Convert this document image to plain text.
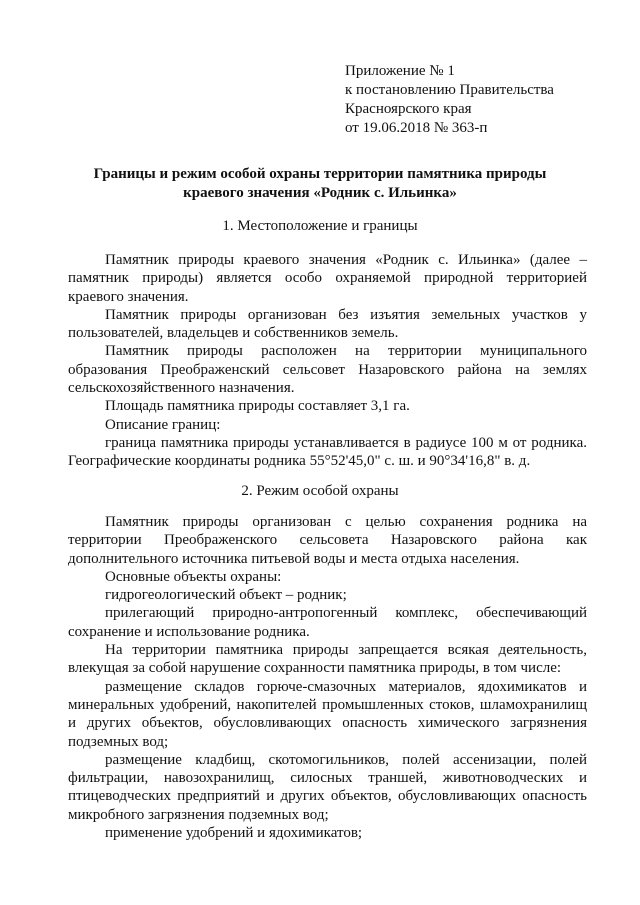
Приложение № 1
к постановлению Правительства
Красноярского края
от 19.06.2018 № 363-п
Границы и режим особой охраны территории памятника природы
краевого значения «Родник с. Ильинка»
1. Местоположение и границы

Памятник природы краевого значения «Родник с. Ильинка» (далее – памятник природы) является особо охраняемой природной территорией краевого значения.

Памятник природы организован без изъятия земельных участков у пользователей, владельцев и собственников земель.

Памятник природы расположен на территории муниципального образования Преображенский сельсовет Назаровского района на землях сельскохозяйственного назначения.

Площадь памятника природы составляет 3,1 га.

Описание границ:

граница памятника природы устанавливается в радиусе 100 м от родника. Географические координаты родника 55°52'45,0" с. ш. и 90°34'16,8" в. д.

2. Режим особой охраны

Памятник природы организован с целью сохранения родника на территории Преображенского сельсовета Назаровского района как дополнительного источника питьевой воды и места отдыха населения.

Основные объекты охраны:

гидрогеологический объект – родник;

прилегающий природно-антропогенный комплекс, обеспечивающий сохранение и использование родника.

На территории памятника природы запрещается всякая деятельность, влекущая за собой нарушение сохранности памятника природы, в том числе:

размещение складов горюче-смазочных материалов, ядохимикатов и минеральных удобрений, накопителей промышленных стоков, шламохранилищ и других объектов, обусловливающих опасность химического загрязнения подземных вод;

размещение кладбищ, скотомогильников, полей ассенизации, полей фильтрации, навозохранилищ, силосных траншей, животноводческих и птицеводческих предприятий и других объектов, обусловливающих опасность микробного загрязнения подземных вод;

применение удобрений и ядохимикатов;
